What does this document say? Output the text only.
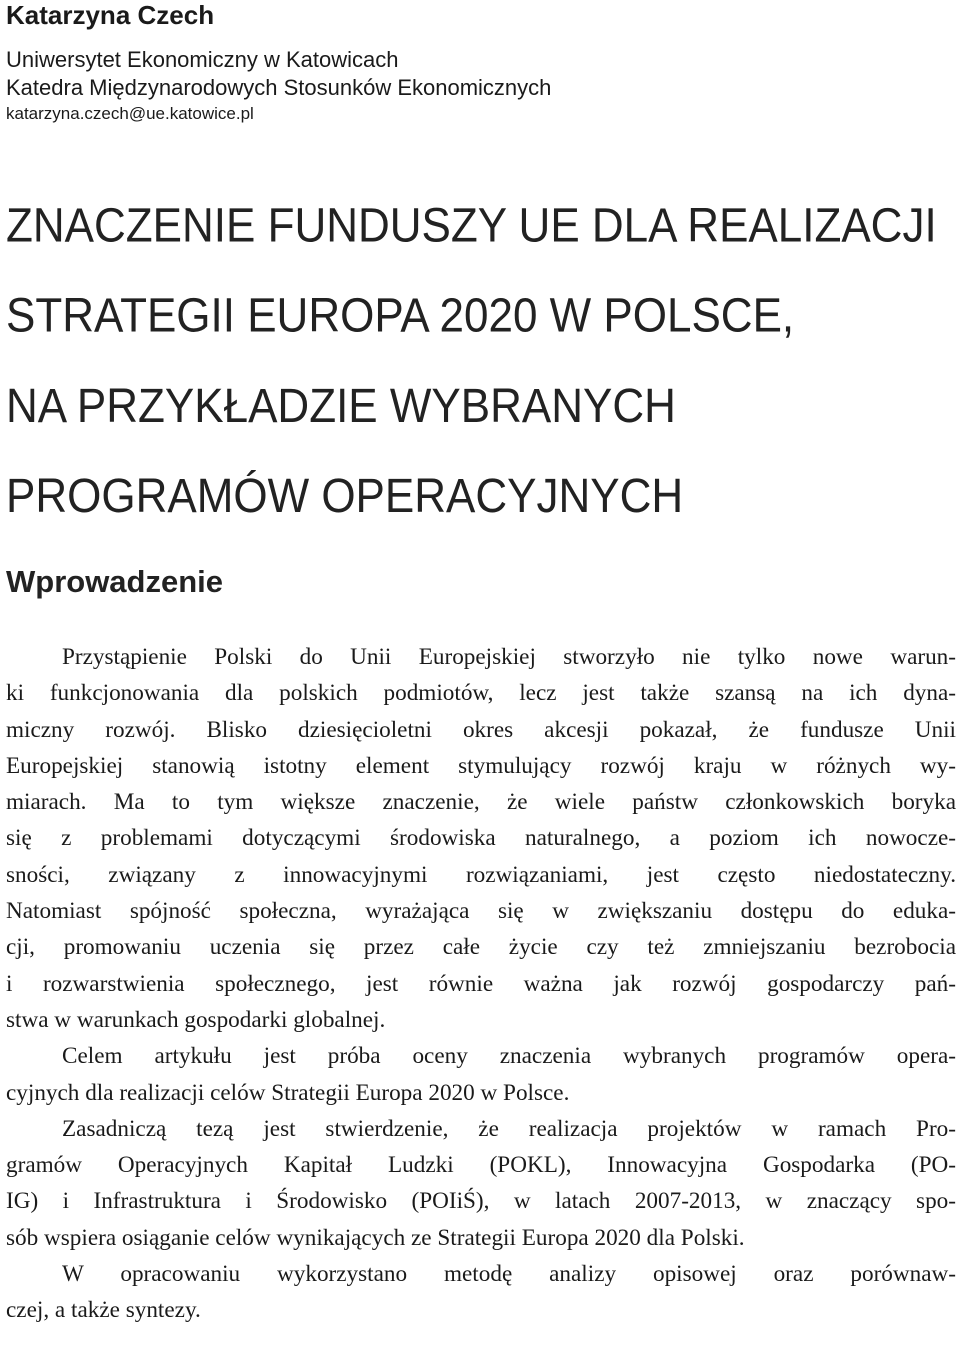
Katarzyna Czech
Uniwersytet Ekonomiczny w Katowicach
Katedra Międzynarodowych Stosunków Ekonomicznych
katarzyna.czech@ue.katowice.pl
ZNACZENIE FUNDUSZY UE DLA REALIZACJI
STRATEGII EUROPA 2020 W POLSCE,
NA PRZYKŁADZIE WYBRANYCH
PROGRAMÓW OPERACYJNYCH
Wprowadzenie
Przystąpienie Polski do Unii Europejskiej stworzyło nie tylko nowe warun-
ki funkcjonowania dla polskich podmiotów, lecz jest także szansą na ich dyna-
miczny rozwój. Blisko dziesięcioletni okres akcesji pokazał, że fundusze Unii
Europejskiej stanowią istotny element stymulujący rozwój kraju w różnych wy-
miarach. Ma to tym większe znaczenie, że wiele państw członkowskich boryka
się z problemami dotyczącymi środowiska naturalnego, a poziom ich nowocze-
sności, związany z innowacyjnymi rozwiązaniami, jest często niedostateczny.
Natomiast spójność społeczna, wyrażająca się w zwiększaniu dostępu do eduka-
cji, promowaniu uczenia się przez całe życie czy też zmniejszaniu bezrobocia
i rozwarstwienia społecznego, jest równie ważna jak rozwój gospodarczy pań-
stwa w warunkach gospodarki globalnej.
Celem artykułu jest próba oceny znaczenia wybranych programów opera-
cyjnych dla realizacji celów Strategii Europa 2020 w Polsce.
Zasadniczą tezą jest stwierdzenie, że realizacja projektów w ramach Pro-
gramów Operacyjnych Kapitał Ludzki (POKL), Innowacyjna Gospodarka (PO-
IG) i Infrastruktura i Środowisko (POIiŚ), w latach 2007-2013, w znaczący spo-
sób wspiera osiąganie celów wynikających ze Strategii Europa 2020 dla Polski.
W opracowaniu wykorzystano metodę analizy opisowej oraz porównaw-
czej, a także syntezy.
